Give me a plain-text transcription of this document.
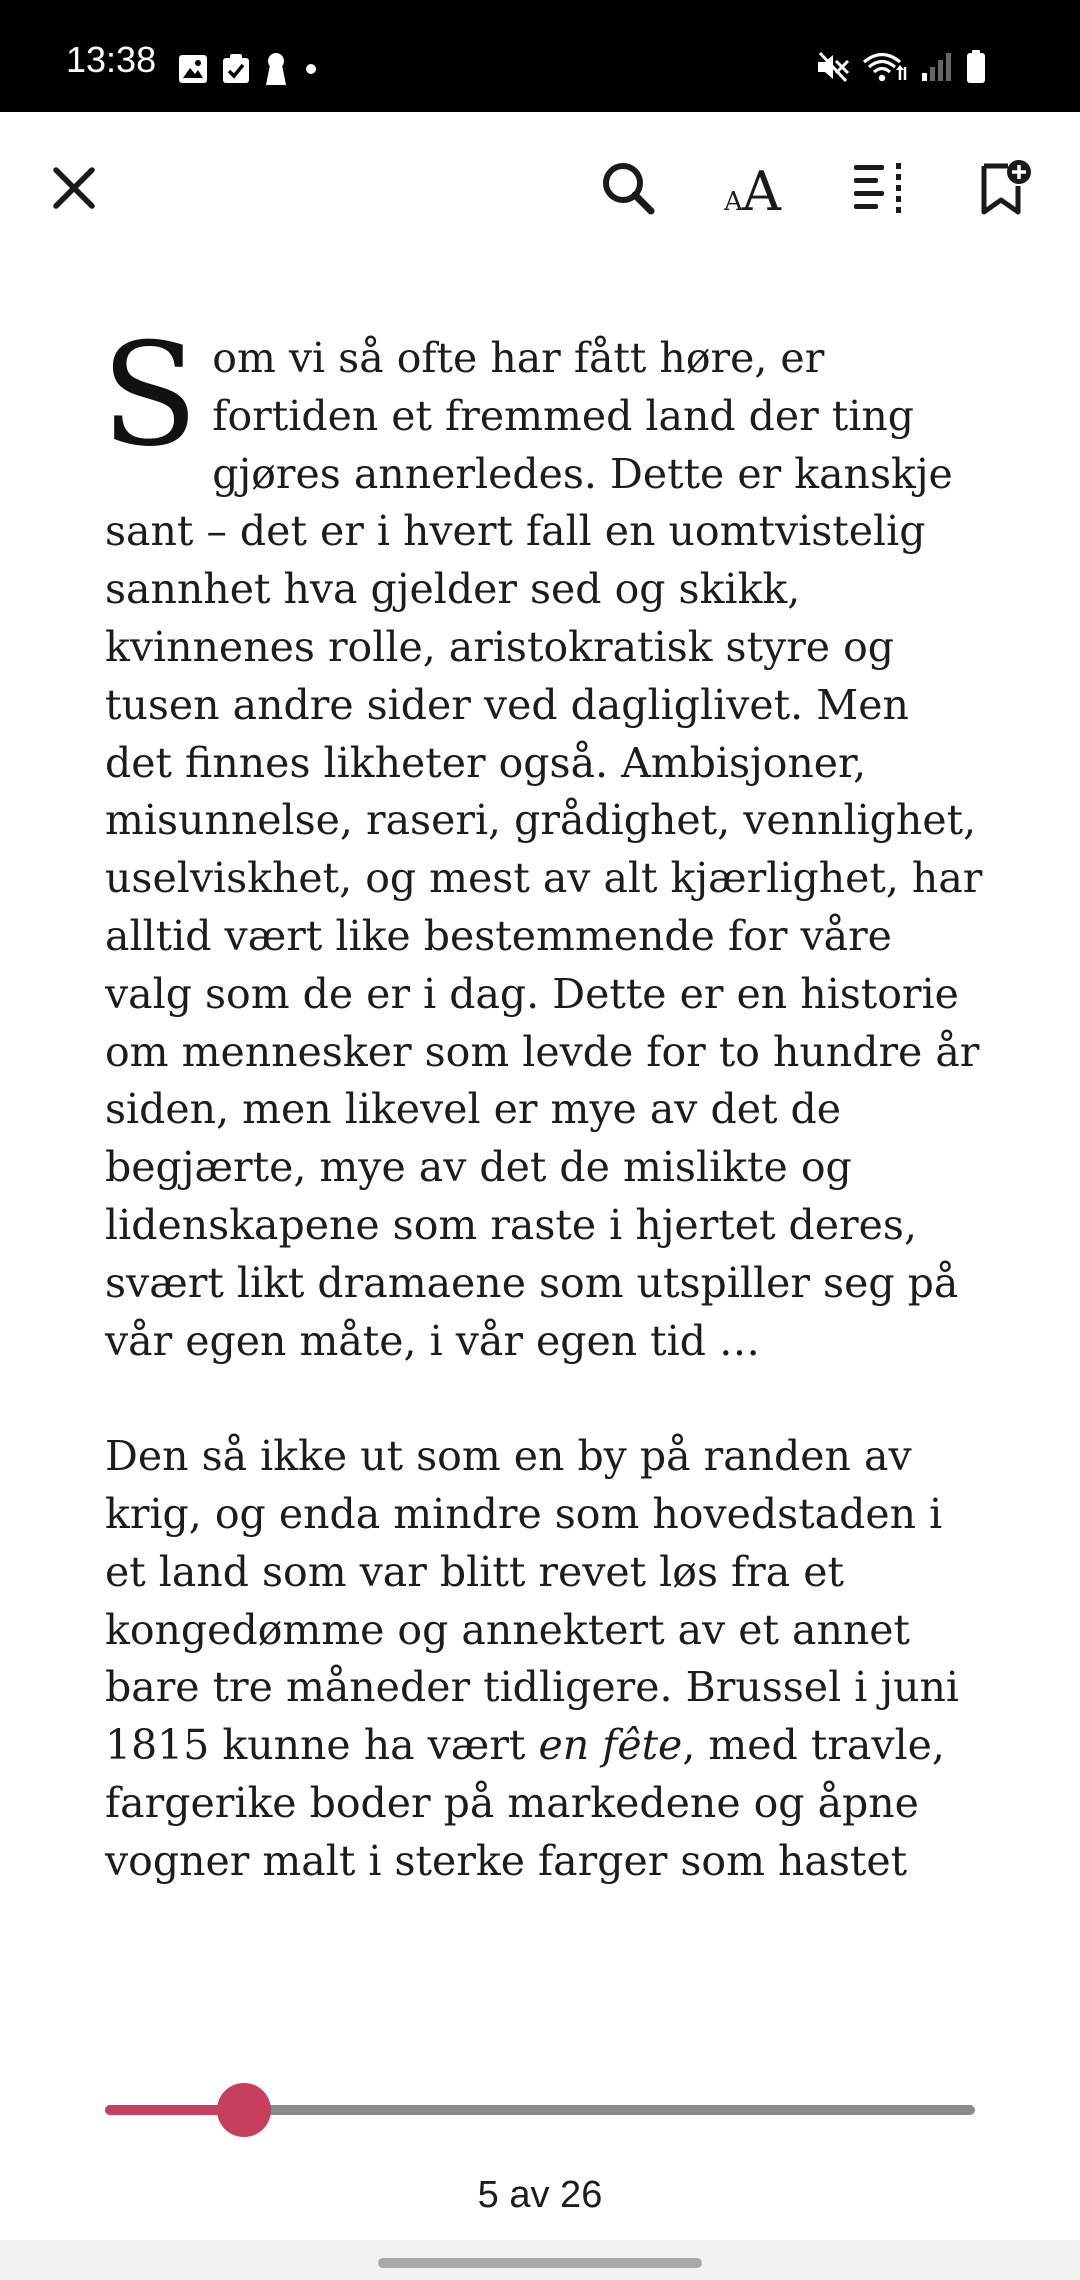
13:38
A A

Som vi så ofte har fått høre, er fortiden et fremmed land der ting gjøres annerledes. Dette er kanskje sant – det er i hvert fall en uomtvistelig sannhet hva gjelder sed og skikk, kvinnenes rolle, aristokratisk styre og tusen andre sider ved dagliglivet. Men det finnes likheter også. Ambisjoner, misunnelse, raseri, grådighet, vennlighet, uselviskhet, og mest av alt kjærlighet, har alltid vært like bestemmende for våre valg som de er i dag. Dette er en historie om mennesker som levde for to hundre år siden, men likevel er mye av det de begjærte, mye av det de mislikte og lidenskapene som raste i hjertet deres, svært likt dramaene som utspiller seg på vår egen måte, i vår egen tid …

Den så ikke ut som en by på randen av krig, og enda mindre som hovedstaden i et land som var blitt revet løs fra et kongedømme og annektert av et annet bare tre måneder tidligere. Brussel i juni 1815 kunne ha vært en fête, med travle, fargerike boder på markedene og åpne vogner malt i sterke farger som hastet

5 av 26
